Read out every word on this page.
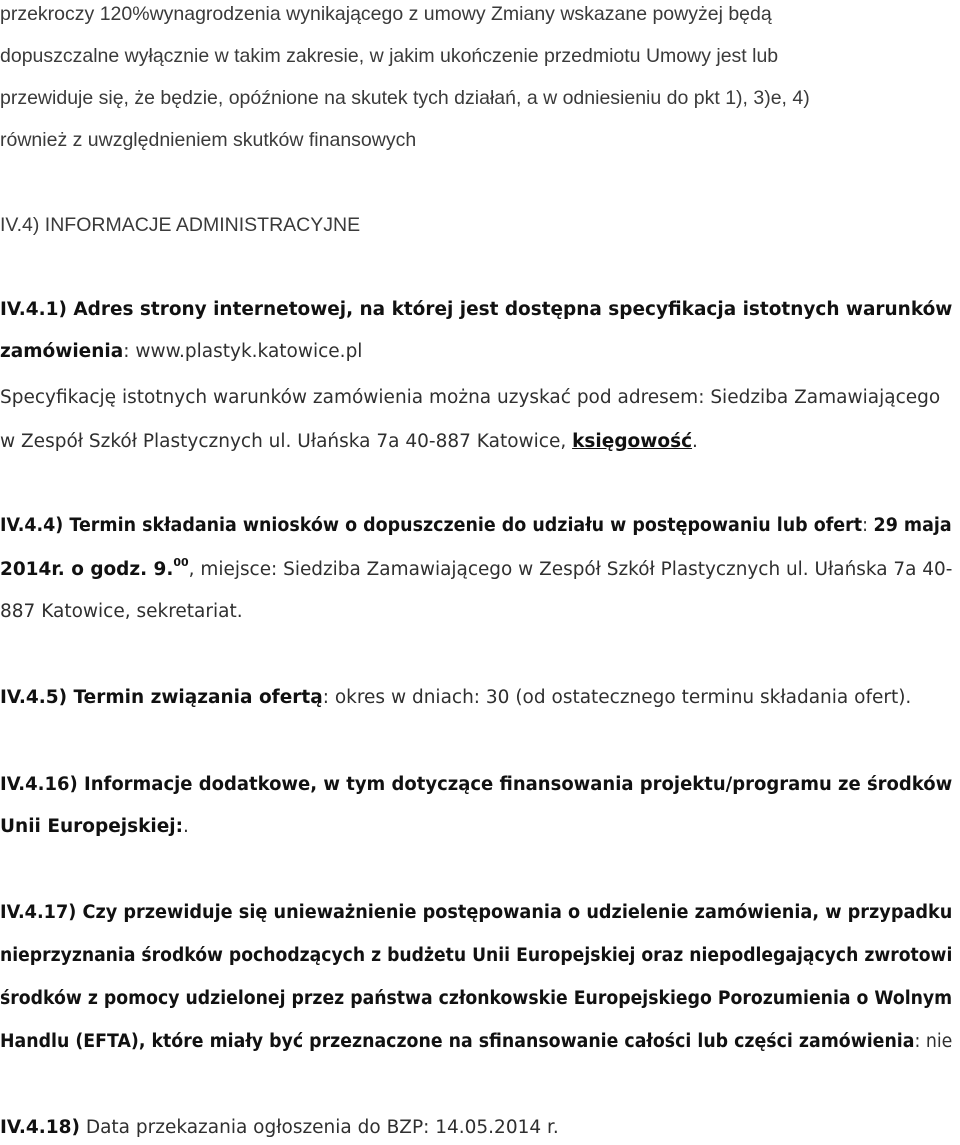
przekroczy 120%wynagrodzenia wynikającego z umowy Zmiany wskazane powyżej będą
dopuszczalne wyłącznie w takim zakresie, w jakim ukończenie przedmiotu Umowy jest lub
przewiduje się, że będzie, opóźnione na skutek tych działań, a w odniesieniu do pkt 1), 3)e, 4)
również z uwzględnieniem skutków finansowych
IV.4) INFORMACJE ADMINISTRACYJNE
IV.4.1) Adres strony internetowej, na której jest dostępna specyfikacja istotnych warunków
zamówienia: www.plastyk.katowice.pl
Specyfikację istotnych warunków zamówienia można uzyskać pod adresem: Siedziba Zamawiającego
w Zespół Szkół Plastycznych ul. Ułańska 7a 40-887 Katowice, księgowość.
IV.4.4) Termin składania wniosków o dopuszczenie do udziału w postępowaniu lub ofert: 29 maja
2014r. o godz. 9.00, miejsce: Siedziba Zamawiającego w Zespół Szkół Plastycznych ul. Ułańska 7a 40-
887 Katowice, sekretariat.
IV.4.5) Termin związania ofertą: okres w dniach: 30 (od ostatecznego terminu składania ofert).
IV.4.16) Informacje dodatkowe, w tym dotyczące finansowania projektu/programu ze środków
Unii Europejskiej:.
IV.4.17) Czy przewiduje się unieważnienie postępowania o udzielenie zamówienia, w przypadku
nieprzyznania środków pochodzących z budżetu Unii Europejskiej oraz niepodlegających zwrotowi
środków z pomocy udzielonej przez państwa członkowskie Europejskiego Porozumienia o Wolnym
Handlu (EFTA), które miały być przeznaczone na sfinansowanie całości lub części zamówienia: nie
IV.4.18) Data przekazania ogłoszenia do BZP: 14.05.2014 r.
